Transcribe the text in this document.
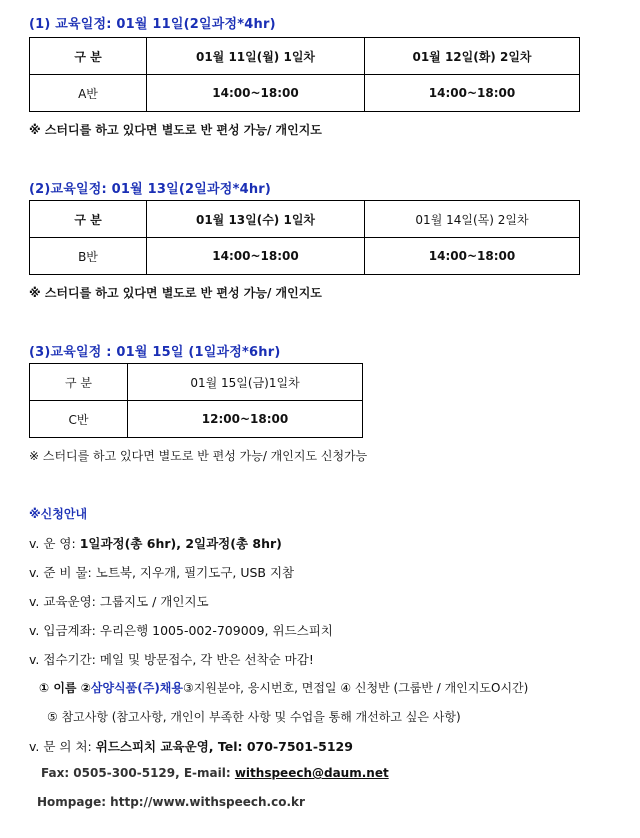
(1) 교육일정: 01월 11일(2일과정*4hr)
구 분	01월 11일(월) 1일차	01월 12일(화) 2일차
A반	14:00~18:00	14:00~18:00
※ 스터디를 하고 있다면 별도로 반 편성 가능/ 개인지도
(2)교육일정: 01월 13일(2일과정*4hr)
구 분	01월 13일(수) 1일차	01월 14일(목) 2일차
B반	14:00~18:00	14:00~18:00
※ 스터디를 하고 있다면 별도로 반 편성 가능/ 개인지도
(3)교육일정 : 01월 15일 (1일과정*6hr)
구 분	01월 15일(금)1일차
C반	12:00~18:00
※ 스터디를 하고 있다면 별도로 반 편성 가능/ 개인지도 신청가능
※신청안내
v. 운 영: 1일과정(총 6hr), 2일과정(총 8hr)
v. 준 비 물: 노트북, 지우개, 필기도구, USB 지참
v. 교육운영: 그룹지도 / 개인지도
v. 입금계좌: 우리은행 1005-002-709009, 위드스피치
v. 접수기간: 메일 및 방문접수, 각 반은 선착순 마감!
① 이름 ②삼양식품(주)채용③지원분야, 응시번호, 면접일 ④ 신청반 (그룹반 / 개인지도O시간)
⑤ 참고사항 (참고사항, 개인이 부족한 사항 및 수업을 통해 개선하고 싶은 사항)
v. 문 의 처: 위드스피치 교육운영, Tel: 070-7501-5129
Fax: 0505-300-5129, E-mail: withspeech@daum.net
Hompage: http://www.withspeech.co.kr
